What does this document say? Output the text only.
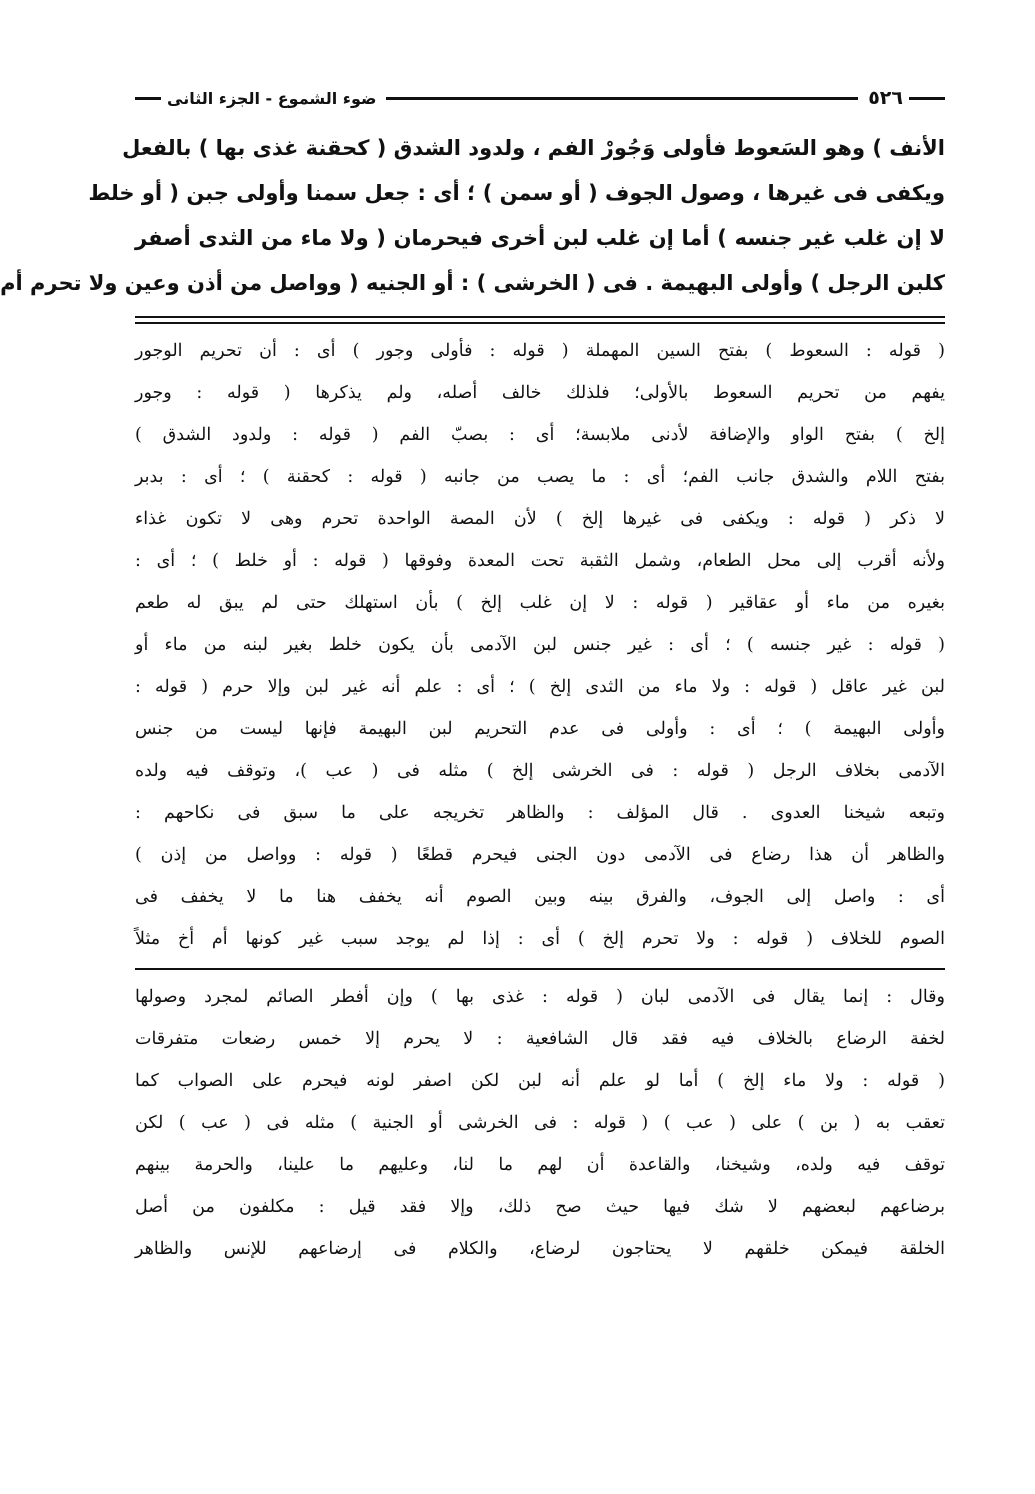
٥٢٦
ضوء الشموع - الجزء الثانى
الأنف ) وهو السَعوط فأولى وَجُورْ الفم ، ولدود الشدق ( كحقنة غذى بها ) بالفعل
ويكفى فى غيرها ، وصول الجوف ( أو سمن ) ؛ أى : جعل سمنا وأولى جبن ( أو خلط
لا إن غلب غير جنسه ) أما إن غلب لبن أخرى فيحرمان ( ولا ماء من الثدى أصفر
كلبن الرجل ) وأولى البهيمة . فى ( الخرشى ) : أو الجنيه ( وواصل من أذن وعين ولا تحرم أم
( قوله : السعوط ) بفتح السين المهملة ( قوله : فأولى وجور ) أى : أن تحريم الوجور
يفهم من تحريم السعوط بالأولى؛ فلذلك خالف أصله، ولم يذكرها ( قوله : وجور
إلخ ) بفتح الواو والإضافة لأدنى ملابسة؛ أى : بصبّ الفم ( قوله : ولدود الشدق )
بفتح اللام والشدق جانب الفم؛ أى : ما يصب من جانبه ( قوله : كحقنة ) ؛ أى : بدبر
لا ذكر ( قوله : ويكفى فى غيرها إلخ ) لأن المصة الواحدة تحرم وهى لا تكون غذاء
ولأنه أقرب إلى محل الطعام، وشمل الثقبة تحت المعدة وفوقها ( قوله : أو خلط ) ؛ أى :
بغيره من ماء أو عقاقير ( قوله : لا إن غلب إلخ ) بأن استهلك حتى لم يبق له طعم
( قوله : غير جنسه ) ؛ أى : غير جنس لبن الآدمى بأن يكون خلط بغير لبنه من ماء أو
لبن غير عاقل ( قوله : ولا ماء من الثدى إلخ ) ؛ أى : علم أنه غير لبن وإلا حرم ( قوله :
وأولى البهيمة ) ؛ أى : وأولى فى عدم التحريم لبن البهيمة فإنها ليست من جنس
الآدمى بخلاف الرجل ( قوله : فى الخرشى إلخ ) مثله فى ( عب )، وتوقف فيه ولده
وتبعه شيخنا العدوى . قال المؤلف : والظاهر تخريجه على ما سبق فى نكاحهم :
والظاهر أن هذا رضاع فى الآدمى دون الجنى فيحرم قطعًا ( قوله : وواصل من إذن )
أى : واصل إلى الجوف، والفرق بينه وبين الصوم أنه يخفف هنا ما لا يخفف فى
الصوم للخلاف ( قوله : ولا تحرم إلخ ) أى : إذا لم يوجد سبب غير كونها أم أخ مثلاً
وقال : إنما يقال فى الآدمى لبان ( قوله : غذى بها ) وإن أفطر الصائم لمجرد وصولها
لخفة الرضاع بالخلاف فيه فقد قال الشافعية : لا يحرم إلا خمس رضعات متفرقات
( قوله : ولا ماء إلخ ) أما لو علم أنه لبن لكن اصفر لونه فيحرم على الصواب كما
تعقب به ( بن ) على ( عب ) ( قوله : فى الخرشى أو الجنية ) مثله فى ( عب ) لكن
توقف فيه ولده، وشيخنا، والقاعدة أن لهم ما لنا، وعليهم ما علينا، والحرمة بينهم
برضاعهم لبعضهم لا شك فيها حيث صح ذلك، وإلا فقد قيل : مكلفون من أصل
الخلقة فيمكن خلقهم لا يحتاجون لرضاع، والكلام فى إرضاعهم للإنس والظاهر
